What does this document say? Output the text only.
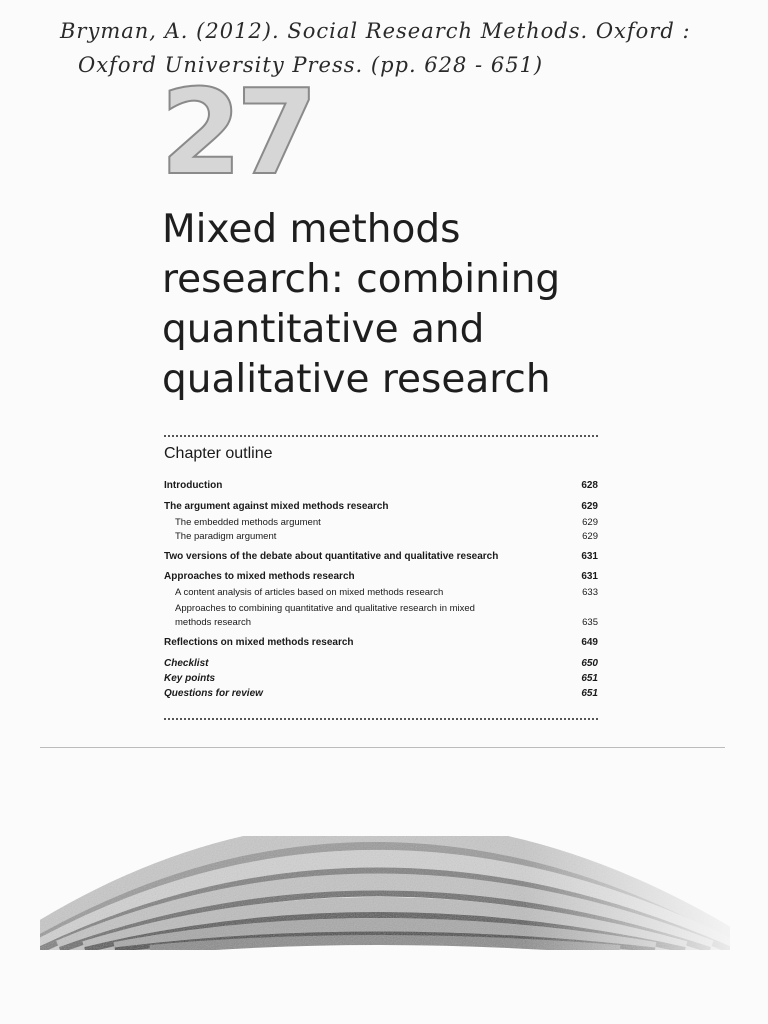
Bryman, A. (2012). Social Research Methods. Oxford :
Oxford University Press. (pp. 628 - 651)
27
Mixed methods
research: combining
quantitative and
qualitative research
Chapter outline
Introduction	628
The argument against mixed methods research	629
The embedded methods argument	629
The paradigm argument	629
Two versions of the debate about quantitative and qualitative research	631
Approaches to mixed methods research	631
A content analysis of articles based on mixed methods research	633
Approaches to combining quantitative and qualitative research in mixed methods research	635
Reflections on mixed methods research	649
Checklist	650
Key points	651
Questions for review	651
